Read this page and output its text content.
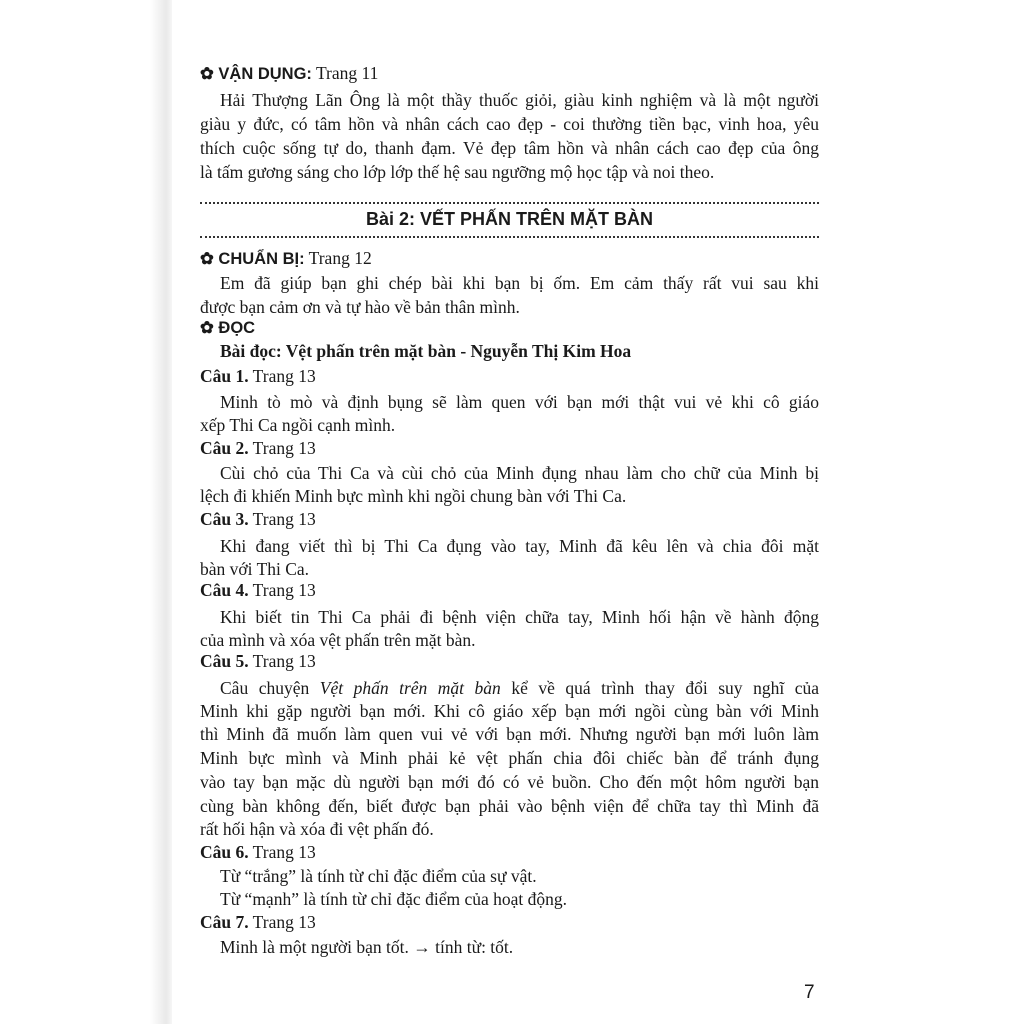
✿ VẬN DỤNG: Trang 11
Hải Thượng Lãn Ông là một thầy thuốc giỏi, giàu kinh nghiệm và là một người
giàu y đức, có tâm hồn và nhân cách cao đẹp - coi thường tiền bạc, vinh hoa, yêu
thích cuộc sống tự do, thanh đạm. Vẻ đẹp tâm hồn và nhân cách cao đẹp của ông
là tấm gương sáng cho lớp lớp thế hệ sau ngưỡng mộ học tập và noi theo.
✿ CHUẨN BỊ: Trang 12
Em đã giúp bạn ghi chép bài khi bạn bị ốm. Em cảm thấy rất vui sau khi
được bạn cảm ơn và tự hào về bản thân mình.
✿ ĐỌC
Bài đọc: Vệt phấn trên mặt bàn - Nguyễn Thị Kim Hoa
Câu 1. Trang 13
Minh tò mò và định bụng sẽ làm quen với bạn mới thật vui vẻ khi cô giáo
xếp Thi Ca ngồi cạnh mình.
Câu 2. Trang 13
Cùi chỏ của Thi Ca và cùi chỏ của Minh đụng nhau làm cho chữ của Minh bị
lệch đi khiến Minh bực mình khi ngồi chung bàn với Thi Ca.
Câu 3. Trang 13
Khi đang viết thì bị Thi Ca đụng vào tay, Minh đã kêu lên và chia đôi mặt
bàn với Thi Ca.
Câu 4. Trang 13
Khi biết tin Thi Ca phải đi bệnh viện chữa tay, Minh hối hận về hành động
của mình và xóa vệt phấn trên mặt bàn.
Câu 5. Trang 13
Câu chuyện Vệt phấn trên mặt bàn kể về quá trình thay đổi suy nghĩ của
Minh khi gặp người bạn mới. Khi cô giáo xếp bạn mới ngồi cùng bàn với Minh
thì Minh đã muốn làm quen vui vẻ với bạn mới. Nhưng người bạn mới luôn làm
Minh bực mình và Minh phải kẻ vệt phấn chia đôi chiếc bàn để tránh đụng
vào tay bạn mặc dù người bạn mới đó có vẻ buồn. Cho đến một hôm người bạn
cùng bàn không đến, biết được bạn phải vào bệnh viện để chữa tay thì Minh đã
rất hối hận và xóa đi vệt phấn đó.
Câu 6. Trang 13
Từ “trắng” là tính từ chỉ đặc điểm của sự vật.
Từ “mạnh” là tính từ chỉ đặc điểm của hoạt động.
Câu 7. Trang 13
Minh là một người bạn tốt. → tính từ: tốt.
Bài 2: VẾT PHẤN TRÊN MẶT BÀN
7
